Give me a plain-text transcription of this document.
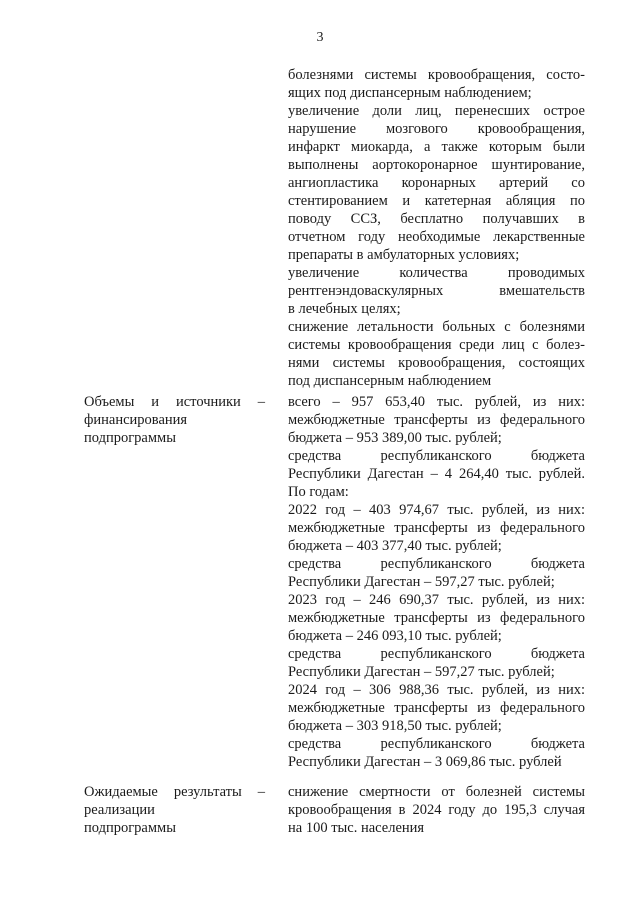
3
болезнями системы кровообращения, состо-
ящих под диспансерным наблюдением;
увеличение доли лиц, перенесших острое
нарушение мозгового кровообращения,
инфаркт миокарда, а также которым были
выполнены аортокоронарное шунтирование,
ангиопластика коронарных артерий со
стентированием и катетерная абляция по
поводу ССЗ, бесплатно получавших в
отчетном году необходимые лекарственные
препараты в амбулаторных условиях;
увеличение количества проводимых
рентгенэндоваскулярных вмешательств
в лечебных целях;
снижение летальности больных с болезнями
системы кровообращения среди лиц с болез-
нями системы кровообращения, состоящих
под диспансерным наблюдением
Объемы и источники –
финансирования
подпрограммы
всего – 957 653,40 тыс. рублей, из них:
межбюджетные трансферты из федерального
бюджета – 953 389,00 тыс. рублей;
средства республиканского бюджета
Республики Дагестан – 4 264,40 тыс. рублей.
По годам:
2022 год – 403 974,67 тыс. рублей, из них:
межбюджетные трансферты из федерального
бюджета – 403 377,40 тыс. рублей;
средства республиканского бюджета
Республики Дагестан – 597,27 тыс. рублей;
2023 год – 246 690,37 тыс. рублей, из них:
межбюджетные трансферты из федерального
бюджета – 246 093,10 тыс. рублей;
средства республиканского бюджета
Республики Дагестан – 597,27 тыс. рублей;
2024 год – 306 988,36 тыс. рублей, из них:
межбюджетные трансферты из федерального
бюджета – 303 918,50 тыс. рублей;
средства республиканского бюджета
Республики Дагестан – 3 069,86 тыс. рублей
Ожидаемые результаты –
реализации
подпрограммы
снижение смертности от болезней системы
кровообращения в 2024 году до 195,3 случая
на 100 тыс. населения
